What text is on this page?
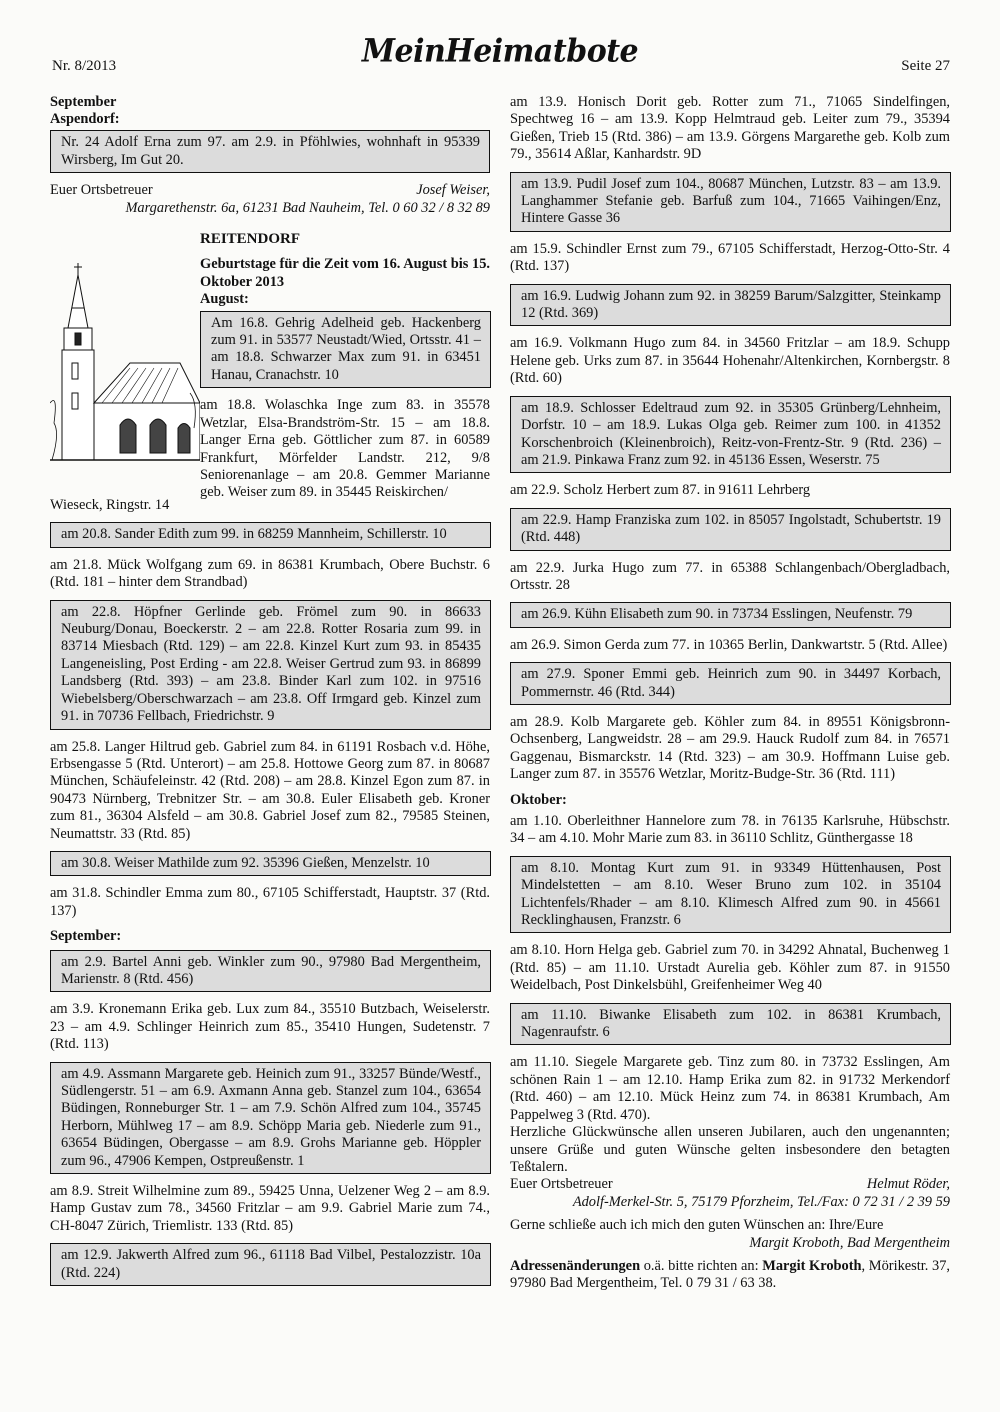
Nr. 8/2013	MeinHeimatbote	Seite 27
September
Aspendorf:
Nr. 24 Adolf Erna zum 97. am 2.9. in Pföhlwies, wohnhaft in 95339 Wirsberg, Im Gut 20.
Euer Ortsbetreuer	Josef Weiser,
Margarethenstr. 6a, 61231 Bad Nauheim, Tel. 0 60 32 / 8 32 89
REITENDORF
Geburtstage für die Zeit vom 16. August bis 15. Oktober 2013
August:
Am 16.8. Gehrig Adelheid geb. Hackenberg zum 91. in 53577 Neustadt/Wied, Ortsstr. 41 – am 18.8. Schwarzer Max zum 91. in 63451 Hanau, Cranachstr. 10
am 18.8. Wolaschka Inge zum 83. in 35578 Wetzlar, Elsa-Brandström-Str. 15 – am 18.8. Langer Erna geb. Göttlicher zum 87. in 60589 Frankfurt, Mörfelder Landstr. 212, 9/8 Seniorenanlage – am 20.8. Gemmer Marianne geb. Weiser zum 89. in 35445 Reiskirchen/
Wieseck, Ringstr. 14
am 20.8. Sander Edith zum 99. in 68259 Mannheim, Schillerstr. 10
am 21.8. Mück Wolfgang zum 69. in 86381 Krumbach, Obere Buchstr. 6 (Rtd. 181 – hinter dem Strandbad)
am 22.8. Höpfner Gerlinde geb. Frömel zum 90. in 86633 Neuburg/Donau, Boeckerstr. 2 – am 22.8. Rotter Rosaria zum 99. in 83714 Miesbach (Rtd. 129) – am 22.8. Kinzel Kurt zum 93. in 85435 Langeneisling, Post Erding - am 22.8. Weiser Gertrud zum 93. in 86899 Landsberg (Rtd. 393) – am 23.8. Binder Karl zum 102. in 97516 Wiebelsberg/Oberschwarzach – am 23.8. Off Irmgard geb. Kinzel zum 91. in 70736 Fellbach, Friedrichstr. 9
am 25.8. Langer Hiltrud geb. Gabriel zum 84. in 61191 Rosbach v.d. Höhe, Erbsengasse 5 (Rtd. Unterort) – am 25.8. Hottowe Georg zum 87. in 80687 München, Schäufeleinstr. 42 (Rtd. 208) – am 28.8. Kinzel Egon zum 87. in 90473 Nürnberg, Trebnitzer Str. – am 30.8. Euler Elisabeth geb. Kroner zum 81., 36304 Alsfeld – am 30.8. Gabriel Josef zum 82., 79585 Steinen, Neumattstr. 33 (Rtd. 85)
am 30.8. Weiser Mathilde zum 92. 35396 Gießen, Menzelstr. 10
am 31.8. Schindler Emma zum 80., 67105 Schifferstadt, Hauptstr. 37 (Rtd. 137)
September:
am 2.9. Bartel Anni geb. Winkler zum 90., 97980 Bad Mergentheim, Marienstr. 8 (Rtd. 456)
am 3.9. Kronemann Erika geb. Lux zum 84., 35510 Butzbach, Weiselerstr. 23 – am 4.9. Schlinger Heinrich zum 85., 35410 Hungen, Sudetenstr. 7 (Rtd. 113)
am 4.9. Assmann Margarete geb. Heinich zum 91., 33257 Bünde/Westf., Südlengerstr. 51 – am 6.9. Axmann Anna geb. Stanzel zum 104., 63654 Büdingen, Ronneburger Str. 1 – am 7.9. Schön Alfred zum 104., 35745 Herborn, Mühlweg 17 – am 8.9. Schöpp Maria geb. Niederle zum 91., 63654 Büdingen, Obergasse – am 8.9. Grohs Marianne geb. Höppler zum 96., 47906 Kempen, Ostpreußenstr. 1
am 8.9. Streit Wilhelmine zum 89., 59425 Unna, Uelzener Weg 2 – am 8.9. Hamp Gustav zum 78., 34560 Fritzlar – am 9.9. Gabriel Marie zum 74., CH-8047 Zürich, Triemlistr. 133 (Rtd. 85)
am 12.9. Jakwerth Alfred zum 96., 61118 Bad Vilbel, Pestalozzistr. 10a (Rtd. 224)
am 13.9. Honisch Dorit geb. Rotter zum 71., 71065 Sindelfingen, Spechtweg 16 – am 13.9. Kopp Helmtraud geb. Leiter zum 79., 35394 Gießen, Trieb 15 (Rtd. 386) – am 13.9. Görgens Margarethe geb. Kolb zum 79., 35614 Aßlar, Kanhardstr. 9D
am 13.9. Pudil Josef zum 104., 80687 München, Lutzstr. 83 – am 13.9. Langhammer Stefanie geb. Barfuß zum 104., 71665 Vaihingen/Enz, Hintere Gasse 36
am 15.9. Schindler Ernst zum 79., 67105 Schifferstadt, Herzog-Otto-Str. 4 (Rtd. 137)
am 16.9. Ludwig Johann zum 92. in 38259 Barum/Salzgitter, Steinkamp 12 (Rtd. 369)
am 16.9. Volkmann Hugo zum 84. in 34560 Fritzlar – am 18.9. Schupp Helene geb. Urks zum 87. in 35644 Hohenahr/Altenkirchen, Kornbergstr. 8 (Rtd. 60)
am 18.9. Schlosser Edeltraud zum 92. in 35305 Grünberg/Lehnheim, Dorfstr. 10 – am 18.9. Lukas Olga geb. Reimer zum 100. in 41352 Korschenbroich (Kleinenbroich), Reitz-von-Frentz-Str. 9 (Rtd. 236) – am 21.9. Pinkawa Franz zum 92. in 45136 Essen, Weserstr. 75
am 22.9. Scholz Herbert zum 87. in 91611 Lehrberg
am 22.9. Hamp Franziska zum 102. in 85057 Ingolstadt, Schubertstr. 19 (Rtd. 448)
am 22.9. Jurka Hugo zum 77. in 65388 Schlangenbach/Obergladbach, Ortsstr. 28
am 26.9. Kühn Elisabeth zum 90. in 73734 Esslingen, Neufenstr. 79
am 26.9. Simon Gerda zum 77. in 10365 Berlin, Dankwartstr. 5 (Rtd. Allee)
am 27.9. Sponer Emmi geb. Heinrich zum 90. in 34497 Korbach, Pommernstr. 46 (Rtd. 344)
am 28.9. Kolb Margarete geb. Köhler zum 84. in 89551 Königsbronn-Ochsenberg, Langweidstr. 28 – am 29.9. Hauck Rudolf zum 84. in 76571 Gaggenau, Bismarckstr. 14 (Rtd. 323) – am 30.9. Hoffmann Luise geb. Langer zum 87. in 35576 Wetzlar, Moritz-Budge-Str. 36 (Rtd. 111)
Oktober:
am 1.10. Oberleithner Hannelore zum 78. in 76135 Karlsruhe, Hübschstr. 34 – am 4.10. Mohr Marie zum 83. in 36110 Schlitz, Günthergasse 18
am 8.10. Montag Kurt zum 91. in 93349 Hüttenhausen, Post Mindelstetten – am 8.10. Weser Bruno zum 102. in 35104 Lichtenfels/Rhader – am 8.10. Klimesch Alfred zum 90. in 45661 Recklinghausen, Franzstr. 6
am 8.10. Horn Helga geb. Gabriel zum 70. in 34292 Ahnatal, Buchenweg 1 (Rtd. 85) – am 11.10. Urstadt Aurelia geb. Köhler zum 87. in 91550 Weidelbach, Post Dinkelsbühl, Greifenheimer Weg 40
am 11.10. Biwanke Elisabeth zum 102. in 86381 Krumbach, Nagenraufstr. 6
am 11.10. Siegele Margarete geb. Tinz zum 80. in 73732 Esslingen, Am schönen Rain 1 – am 12.10. Hamp Erika zum 82. in 91732 Merkendorf (Rtd. 460) – am 12.10. Mück Heinz zum 74. in 86381 Krumbach, Am Pappelweg 3 (Rtd. 470).
Herzliche Glückwünsche allen unseren Jubilaren, auch den ungenannten; unsere Grüße und guten Wünsche gelten insbesondere den betagten Teßtalern.
Euer Ortsbetreuer	Helmut Röder,
Adolf-Merkel-Str. 5, 75179 Pforzheim, Tel./Fax: 0 72 31 / 2 39 59
Gerne schließe auch ich mich den guten Wünschen an: Ihre/Eure
Margit Kroboth, Bad Mergentheim
Adressenänderungen o.ä. bitte richten an: Margit Kroboth, Mörikestr. 37, 97980 Bad Mergentheim, Tel. 0 79 31 / 63 38.
